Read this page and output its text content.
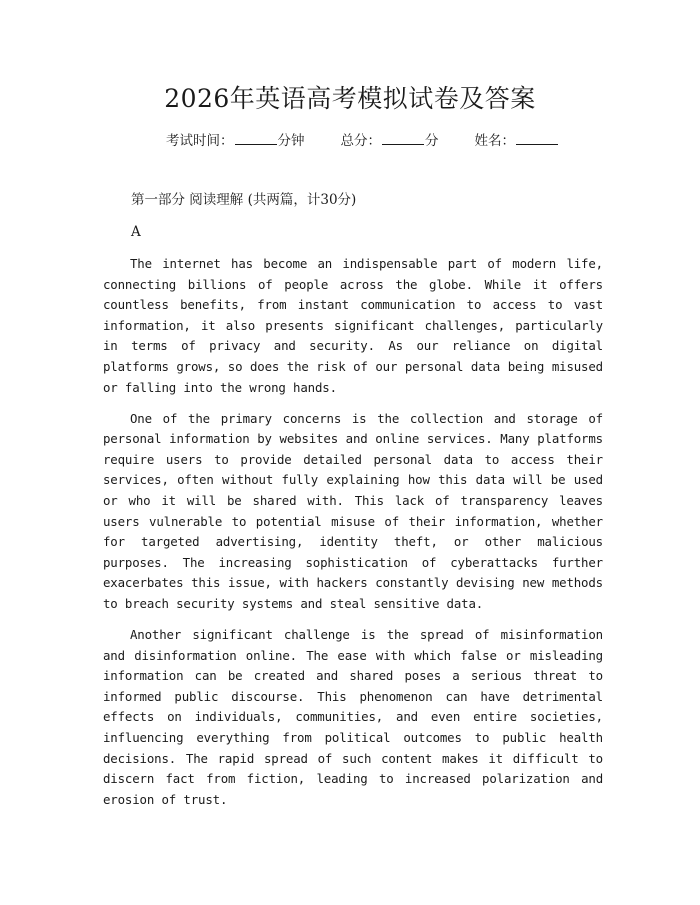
2026年英语高考模拟试卷及答案
考试时间：	分钟	总分：	分	姓名：
第一部分 阅读理解 (共两篇，计30分)
A

The internet has become an indispensable part of modern life, connecting billions of people across the globe. While it offers countless benefits, from instant communication to access to vast information, it also presents significant challenges, particularly in terms of privacy and security. As our reliance on digital platforms grows, so does the risk of our personal data being misused or falling into the wrong hands.

One of the primary concerns is the collection and storage of personal information by websites and online services. Many platforms require users to provide detailed personal data to access their services, often without fully explaining how this data will be used or who it will be shared with. This lack of transparency leaves users vulnerable to potential misuse of their information, whether for targeted advertising, identity theft, or other malicious purposes. The increasing sophistication of cyberattacks further exacerbates this issue, with hackers constantly devising new methods to breach security systems and steal sensitive data.

Another significant challenge is the spread of misinformation and disinformation online. The ease with which false or misleading information can be created and shared poses a serious threat to informed public discourse. This phenomenon can have detrimental effects on individuals, communities, and even entire societies, influencing everything from political outcomes to public health decisions. The rapid spread of such content makes it difficult to discern fact from fiction, leading to increased polarization and erosion of trust.
